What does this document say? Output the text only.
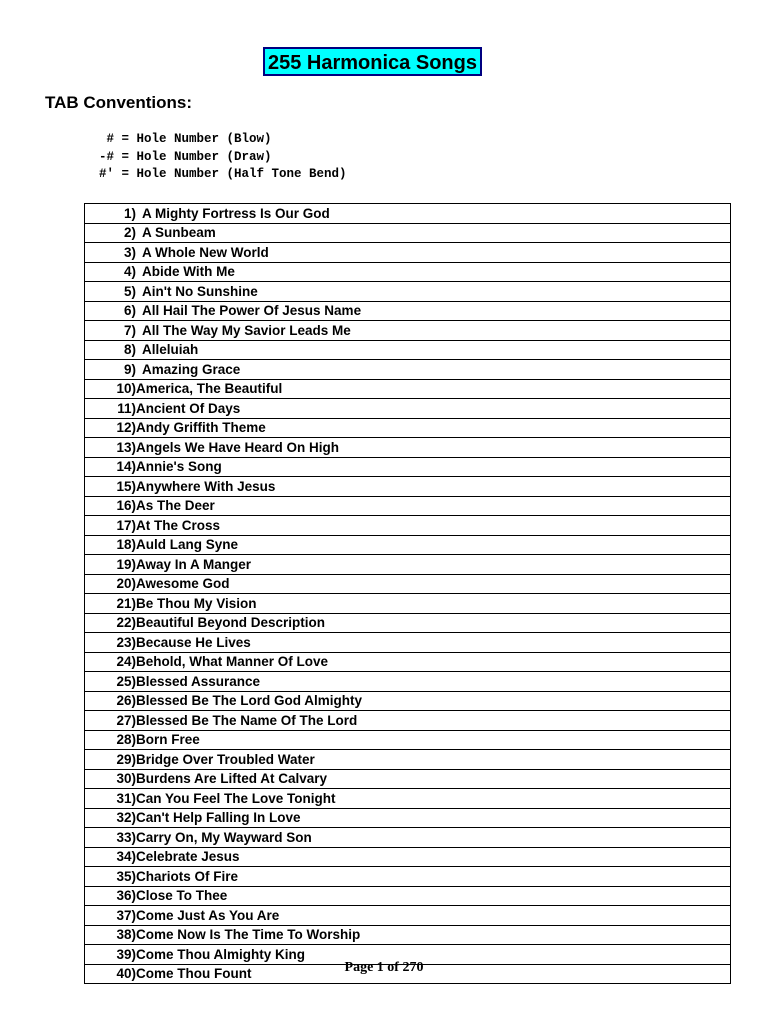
255 Harmonica Songs
TAB Conventions:
# = Hole Number (Blow)
-# = Hole Number (Draw)
#' = Hole Number (Half Tone Bend)
1) A Mighty Fortress Is Our God
2) A Sunbeam
3) A Whole New World
4) Abide With Me
5) Ain't No Sunshine
6) All Hail The Power Of Jesus Name
7) All The Way My Savior Leads Me
8) Alleluiah
9) Amazing Grace
10)America, The Beautiful
11)Ancient Of Days
12)Andy Griffith Theme
13)Angels We Have Heard On High
14)Annie's Song
15)Anywhere With Jesus
16)As The Deer
17)At The Cross
18)Auld Lang Syne
19)Away In A Manger
20)Awesome God
21)Be Thou My Vision
22)Beautiful Beyond Description
23)Because He Lives
24)Behold, What Manner Of Love
25)Blessed Assurance
26)Blessed Be The Lord God Almighty
27)Blessed Be The Name Of The Lord
28)Born Free
29)Bridge Over Troubled Water
30)Burdens Are Lifted At Calvary
31)Can You Feel The Love Tonight
32)Can't Help Falling In Love
33)Carry On, My Wayward Son
34)Celebrate Jesus
35)Chariots Of Fire
36)Close To Thee
37)Come Just As You Are
38)Come Now Is The Time To Worship
39)Come Thou Almighty King
40)Come Thou Fount	Page 1 of 270
